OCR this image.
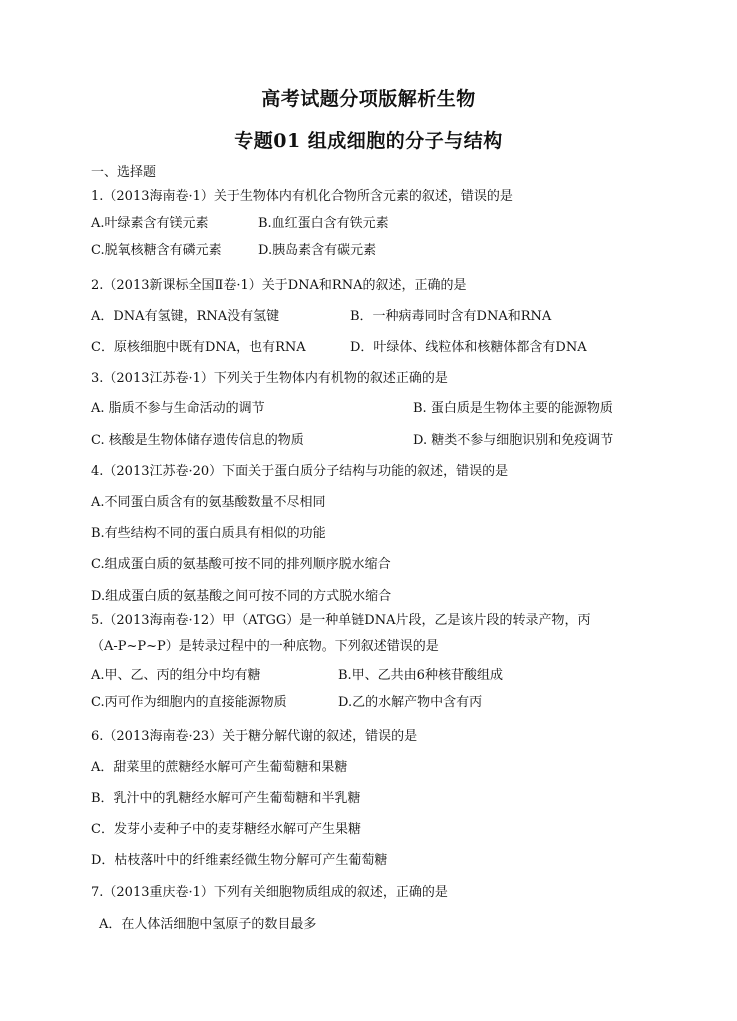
高考试题分项版解析生物
专题01 组成细胞的分子与结构
一、选择题
1.（2013海南卷·1）关于生物体内有机化合物所含元素的叙述，错误的是
A.叶绿素含有镁元素	B.血红蛋白含有铁元素
C.脱氧核糖含有磷元素	D.胰岛素含有碳元素
2.（2013新课标全国Ⅱ卷·1）关于DNA和RNA的叙述，正确的是
A．DNA有氢键，RNA没有氢键	B．一种病毒同时含有DNA和RNA
C．原核细胞中既有DNA，也有RNA	D．叶绿体、线粒体和核糖体都含有DNA
3.（2013江苏卷·1）下列关于生物体内有机物的叙述正确的是
A. 脂质不参与生命活动的调节	B. 蛋白质是生物体主要的能源物质
C. 核酸是生物体储存遗传信息的物质	D. 糖类不参与细胞识别和免疫调节
4.（2013江苏卷·20）下面关于蛋白质分子结构与功能的叙述，错误的是
A.不同蛋白质含有的氨基酸数量不尽相同
B.有些结构不同的蛋白质具有相似的功能
C.组成蛋白质的氨基酸可按不同的排列顺序脱水缩合
D.组成蛋白质的氨基酸之间可按不同的方式脱水缩合
5.（2013海南卷·12）甲（ATGG）是一种单链DNA片段，乙是该片段的转录产物，丙
（A-P~P~P）是转录过程中的一种底物。下列叙述错误的是
A.甲、乙、丙的组分中均有糖	B.甲、乙共由6种核苷酸组成
C.丙可作为细胞内的直接能源物质	D.乙的水解产物中含有丙
6.（2013海南卷·23）关于糖分解代谢的叙述，错误的是
A．甜菜里的蔗糖经水解可产生葡萄糖和果糖
B．乳汁中的乳糖经水解可产生葡萄糖和半乳糖
C．发芽小麦种子中的麦芽糖经水解可产生果糖
D．枯枝落叶中的纤维素经微生物分解可产生葡萄糖
7.（2013重庆卷·1）下列有关细胞物质组成的叙述，正确的是
A．在人体活细胞中氢原子的数目最多
